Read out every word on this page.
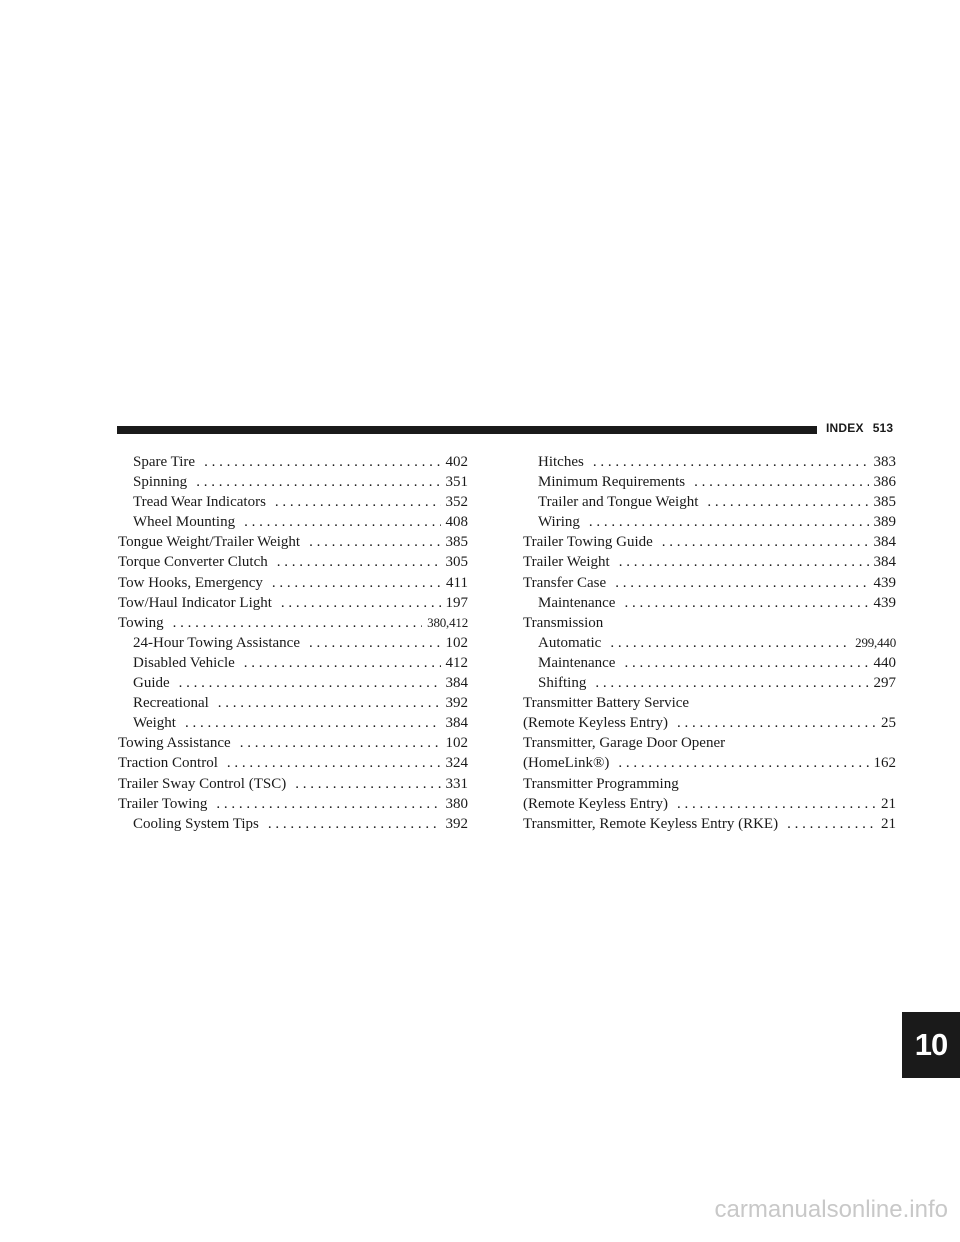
INDEX 513
Spare Tire . . .	402
Spinning . . .	351
Tread Wear Indicators . . .	352
Wheel Mounting . . .	408
Tongue Weight/Trailer Weight . . .	385
Torque Converter Clutch . . .	305
Tow Hooks, Emergency . . .	411
Tow/Haul Indicator Light . . .	197
Towing . . .	380,412
24-Hour Towing Assistance . . .	102
Disabled Vehicle . . .	412
Guide . . .	384
Recreational . . .	392
Weight . . .	384
Towing Assistance . . .	102
Traction Control . . .	324
Trailer Sway Control (TSC) . . .	331
Trailer Towing . . .	380
Cooling System Tips . . .	392
Hitches . . .	383
Minimum Requirements . . .	386
Trailer and Tongue Weight . . .	385
Wiring . . .	389
Trailer Towing Guide . . .	384
Trailer Weight . . .	384
Transfer Case . . .	439
Maintenance . . .	439
Transmission
Automatic . . .	299,440
Maintenance . . .	440
Shifting . . .	297
Transmitter Battery Service
(Remote Keyless Entry) . . .	25
Transmitter, Garage Door Opener
(HomeLink®) . . .	162
Transmitter Programming
(Remote Keyless Entry) . . .	21
Transmitter, Remote Keyless Entry (RKE) . . .	21
10
carmanualsonline.info
